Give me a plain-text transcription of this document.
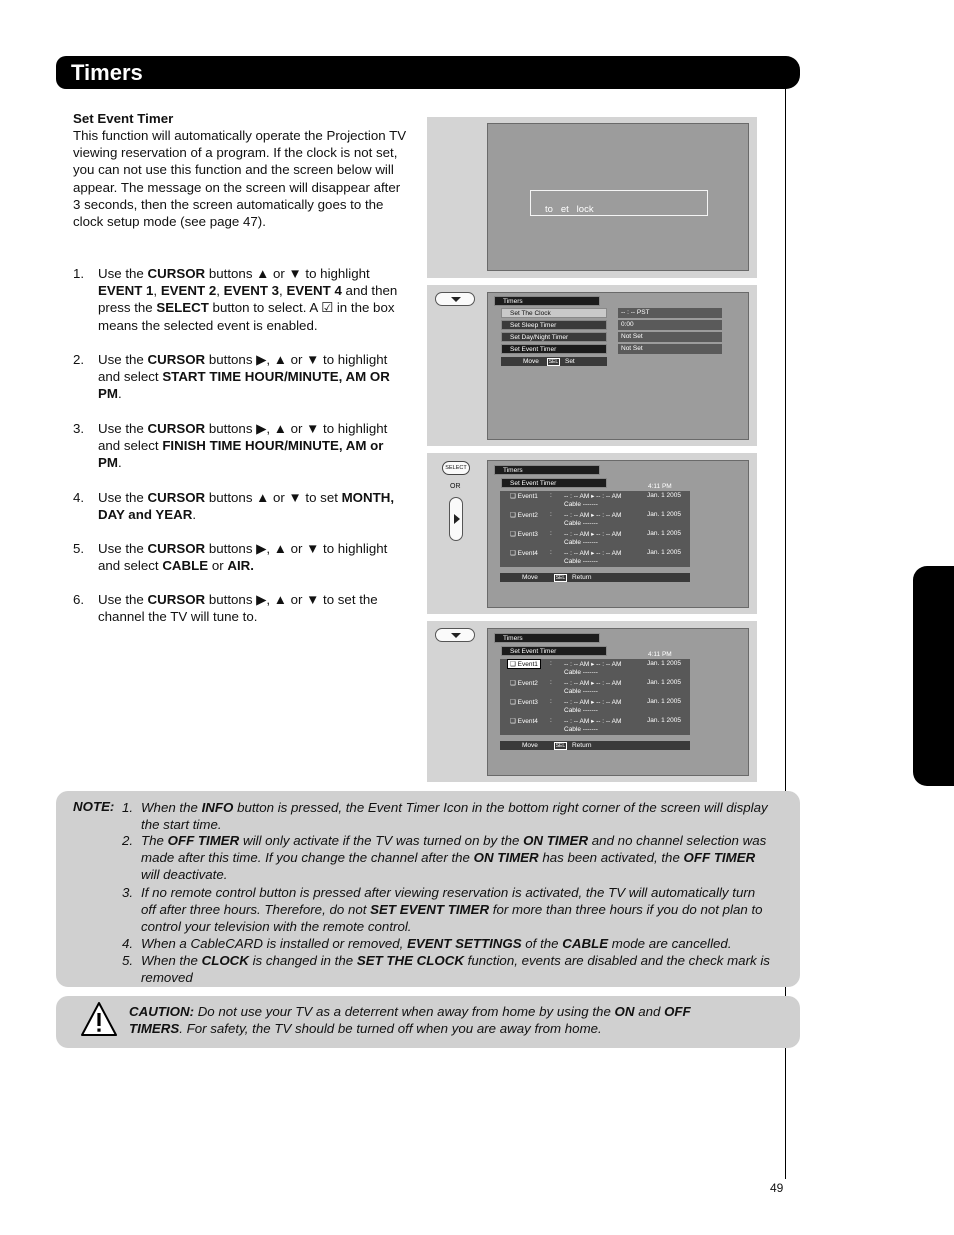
Timers
49
Set Event Timer

This function will automatically operate the Projection TV viewing reservation of a program. If the clock is not set, you can not use this function and the screen below will appear. The message on the screen will disappear after 3 seconds, then the screen automatically goes to the clock setup mode (see page 47).

1. Use the CURSOR buttons ▲ or ▼ to highlight EVENT 1, EVENT 2, EVENT 3, EVENT 4 and then press the SELECT button to select. A ☑ in the box means the selected event is enabled.
2. Use the CURSOR buttons ▶, ▲ or ▼ to highlight and select START TIME HOUR/MINUTE, AM OR PM.
3. Use the CURSOR buttons ▶, ▲ or ▼ to highlight and select FINISH TIME HOUR/MINUTE, AM or PM.
4. Use the CURSOR buttons ▲ or ▼ to set MONTH, DAY and YEAR.
5. Use the CURSOR buttons ▶, ▲ or ▼ to highlight and select CABLE or AIR.
6. Use the CURSOR buttons ▶, ▲ or ▼ to set the channel the TV will tune to.
to   et   lock
Timers
Set The Clock
Set Sleep Timer
Set Day/Night Timer
Set Event Timer
-- : -- PST
0:00
Not Set
Not Set
Move SEL Set
SELECT
OR
Timers
Set Event Timer	4:11 PM
❑ Event1 : -- : -- AM ▸ -- : -- AM	Jan. 1 2005
Cable -------
❑ Event2 : -- : -- AM ▸ -- : -- AM	Jan. 1 2005
Cable -------
❑ Event3 : -- : -- AM ▸ -- : -- AM	Jan. 1 2005
Cable -------
❑ Event4 : -- : -- AM ▸ -- : -- AM	Jan. 1 2005
Cable -------
Move	SEL Return
Timers
Set Event Timer	4:11 PM
❑ Event1	: -- : -- AM ▸ -- : -- AM	Jan. 1 2005
Cable -------
❑ Event2 : -- : -- AM ▸ -- : -- AM	Jan. 1 2005
Cable -------
❑ Event3 : -- : -- AM ▸ -- : -- AM	Jan. 1 2005
Cable -------
❑ Event4 : -- : -- AM ▸ -- : -- AM	Jan. 1 2005
Cable -------
Move	SEL Return
NOTE: 1. When the INFO button is pressed, the Event Timer Icon in the bottom right corner of the screen will display the start time.
2. The OFF TIMER will only activate if the TV was turned on by the ON TIMER and no channel selection was made after this time. If you change the channel after the ON TIMER has been activated, the OFF TIMER will deactivate.
3. If no remote control button is pressed after viewing reservation is activated, the TV will automatically turn off after three hours. Therefore, do not SET EVENT TIMER for more than three hours if you do not plan to control your television with the remote control.
4. When a CableCARD is installed or removed, EVENT SETTINGS of the CABLE mode are cancelled.
5. When the CLOCK is changed in the SET THE CLOCK function, events are disabled and the check mark is removed
CAUTION: Do not use your TV as a deterrent when away from home by using the ON and OFF TIMERS. For safety, the TV should be turned off when you are away from home.
